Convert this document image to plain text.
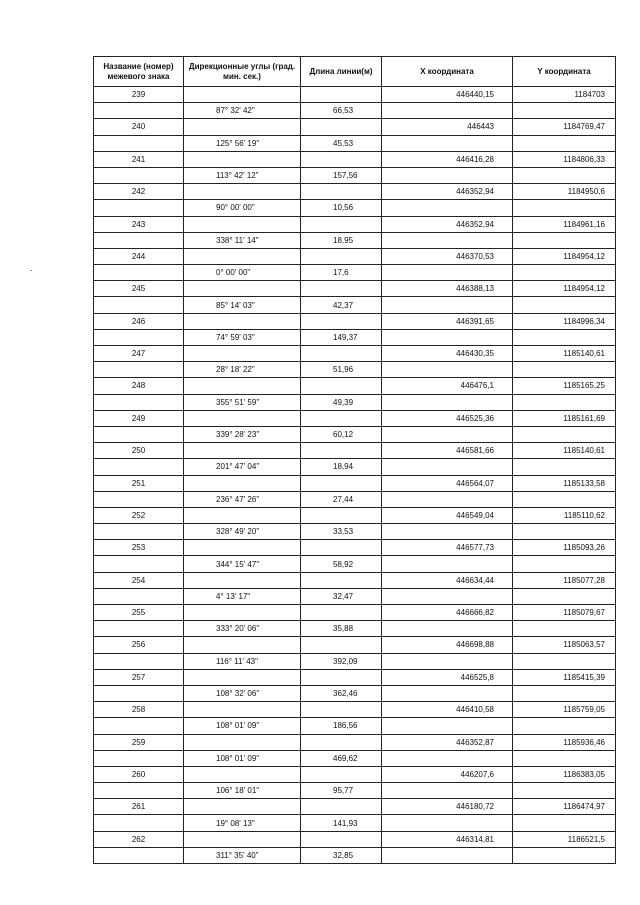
Название (номер) межевого знака	Дирекционные углы (град. мин. сек.)	Длина линии(м)	X координата	Y координата
239			446440,15	1184703
	87° 32' 42"	66,53		
240			446443	1184769,47
	125° 56' 19"	45,53		
241			446416,28	1184806,33
	113° 42' 12"	157,56		
242			446352,94	1184950,6
	90° 00' 00"	10,56		
243			446352,94	1184961,16
	338° 11' 14"	18,95		
244			446370,53	1184954,12
	0° 00' 00"	17,6		
245			446388,13	1184954,12
	85° 14' 03"	42,37		
246			446391,65	1184996,34
	74° 59' 03"	149,37		
247			446430,35	1185140,61
	28° 18' 22"	51,96		
248			446476,1	1185165,25
	355° 51' 59"	49,39		
249			446525,36	1185161,69
	339° 28' 23"	60,12		
250			446581,66	1185140,61
	201° 47' 04"	18,94		
251			446564,07	1185133,58
	236° 47' 26"	27,44		
252			446549,04	1185110,62
	328° 49' 20"	33,53		
253			446577,73	1185093,26
	344° 15' 47"	58,92		
254			446634,44	1185077,28
	4° 13' 17"	32,47		
255			446666,82	1185079,67
	333° 20' 06"	35,88		
256			446698,88	1185063,57
	116° 11' 43"	392,09		
257			446525,8	1185415,39
	108° 32' 06"	362,46		
258			446410,58	1185759,05
	108° 01' 09"	186,56		
259			446352,87	1185936,46
	108° 01' 09"	469,62		
260			446207,6	1186383,05
	106° 18' 01"	95,77		
261			446180,72	1186474,97
	19° 08' 13"	141,93		
262			446314,81	1186521,5
	311° 35' 40"	32,85		
